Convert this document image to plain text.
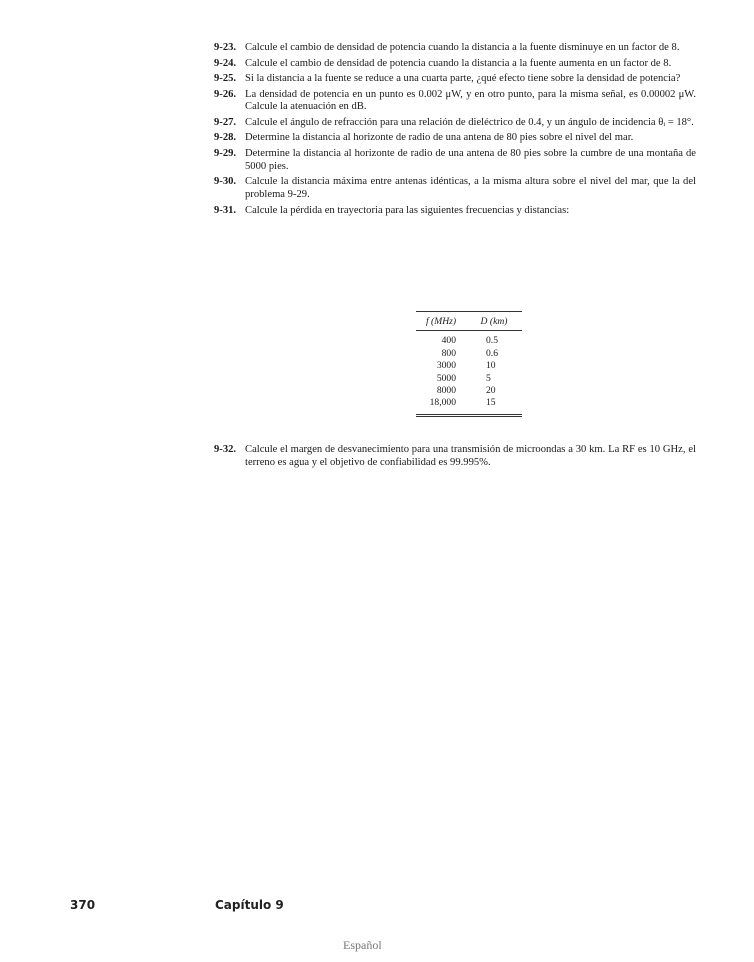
9-23. Calcule el cambio de densidad de potencia cuando la distancia a la fuente disminuye en un factor de 8.
9-24. Calcule el cambio de densidad de potencia cuando la distancia a la fuente aumenta en un factor de 8.
9-25. Si la distancia a la fuente se reduce a una cuarta parte, ¿qué efecto tiene sobre la densidad de potencia?
9-26. La densidad de potencia en un punto es 0.002 μW, y en otro punto, para la misma señal, es 0.00002 μW. Calcule la atenuación en dB.
9-27. Calcule el ángulo de refracción para una relación de dieléctrico de 0.4, y un ángulo de incidencia θᵢ = 18°.
9-28. Determine la distancia al horizonte de radio de una antena de 80 pies sobre el nivel del mar.
9-29. Determine la distancia al horizonte de radio de una antena de 80 pies sobre la cumbre de una montaña de 5000 pies.
9-30. Calcule la distancia máxima entre antenas idénticas, a la misma altura sobre el nivel del mar, que la del problema 9-29.
9-31. Calcule la pérdida en trayectoria para las siguientes frecuencias y distancias:
f (MHz)	D (km)
400	0.5
800	0.6
3000	10
5000	5
8000	20
18,000	15
9-32. Calcule el margen de desvanecimiento para una transmisión de microondas a 30 km. La RF es 10 GHz, el terreno es agua y el objetivo de confiabilidad es 99.995%.
370	Capítulo 9
Español
